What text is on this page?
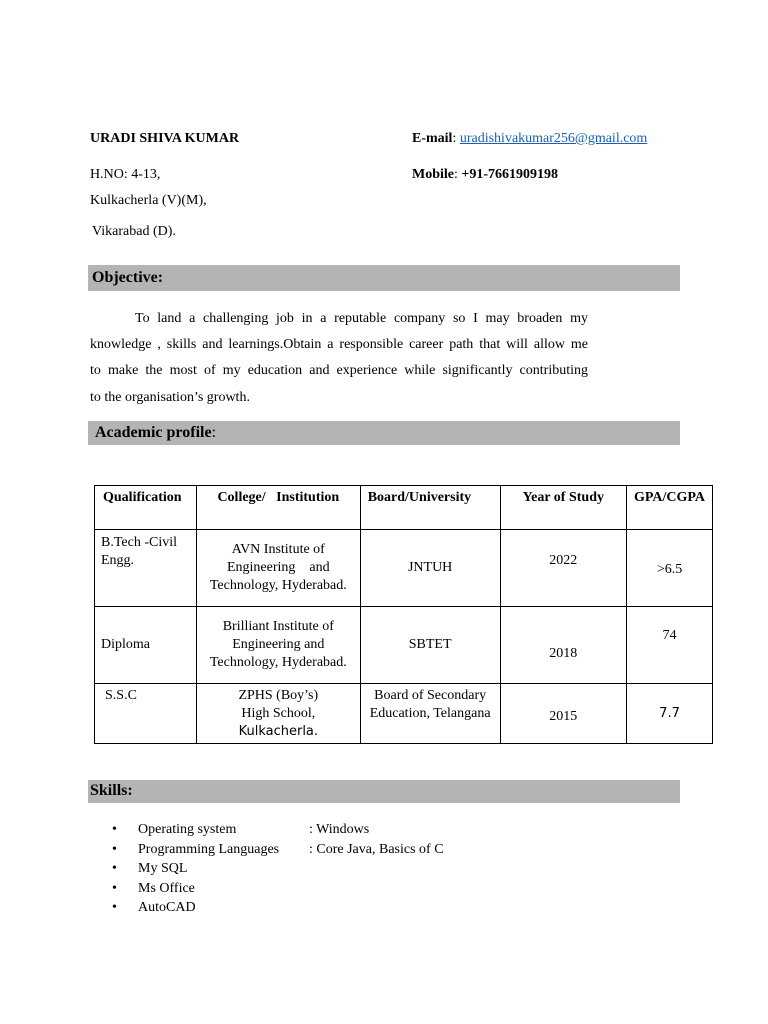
URADI SHIVA KUMAR
H.NO: 4-13,
Kulkacherla (V)(M),
Vikarabad (D).
E-mail: uradishivakumar256@gmail.com
Mobile: +91-7661909198
Objective:
To land a challenging job in a reputable company so I may broaden my
knowledge , skills and learnings.Obtain a responsible career path that will allow me
to make the most of my education and experience while significantly contributing
to the organisation’s growth.
Academic profile:
Qualification	College/   Institution	Board/University	Year of Study	GPA/CGPA
B.Tech -Civil Engg.	AVN Institute of
Engineering    and
Technology, Hyderabad.	JNTUH	2022	>6.5
Diploma	Brilliant Institute of
Engineering and
Technology, Hyderabad.	SBTET	2018	74
S.S.C	ZPHS (Boy’s)
High School,
Kulkacherla.	Board of Secondary Education, Telangana	2015	7.7
Skills:
• Operating system	: Windows
• Programming Languages : Core Java, Basics of C
• My SQL
• Ms Office
• AutoCAD
